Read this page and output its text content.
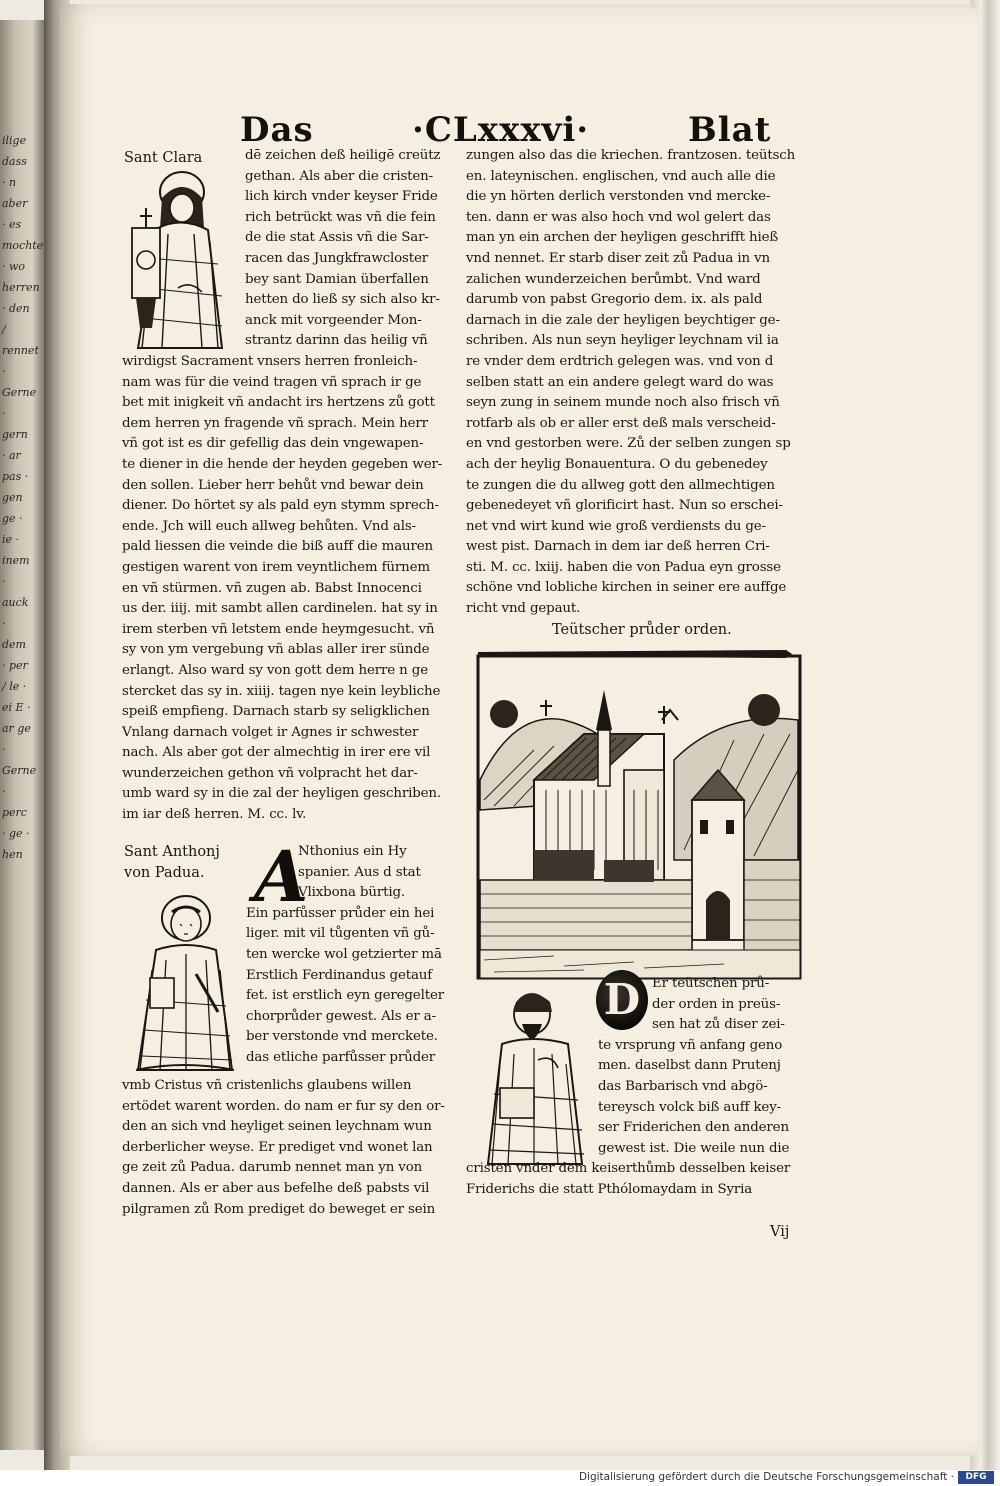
ilige dass · n aber · es mochte · wo herren · den / rennet · Gerne · gern · ar pas · gen ge · ie · inem · auck · dem · per / le · ei E · ar ge · Gerne · perc · ge · hen
Das	·CLxxxvi·	Blat
Sant Clara	dē zeichen deß heiligē creütz
gethan. Als aber die cristen-
lich kirch vnder keyser Fride
rich betrückt was vñ die fein
de die stat Assis vñ die Sar-
racen das Jungkfrawcloster
bey sant Damian überfallen
hetten do ließ sy sich also kr-
anck mit vorgeender Mon-
strantz darinn das heilig vñ
wirdigst Sacrament vnsers herren fronleich-
nam was für die veind tragen vñ sprach ir ge
bet mit inigkeit vñ andacht irs hertzens zů gott
dem herren yn fragende vñ sprach. Mein herr
vñ got ist es dir gefellig das dein vngewapen-
te diener in die hende der heyden gegeben wer-
den sollen. Lieber herr behůt vnd bewar dein
diener. Do hörtet sy als pald eyn stymm sprech-
ende. Jch will euch allweg behůten. Vnd als-
pald liessen die veinde die biß auff die mauren
gestigen warent von irem veyntlichem fürnem
en vñ stürmen. vñ zugen ab. Babst Innocenci
us der. iiij. mit sambt allen cardinelen. hat sy in
irem sterben vñ letstem ende heymgesucht. vñ
sy von ym vergebung vñ ablas aller irer sünde
erlangt. Also ward sy von gott dem herre n ge
stercket das sy in. xiiij. tagen nye kein leybliche
speiß empfieng. Darnach starb sy seligklichen
Vnlang darnach volget ir Agnes ir schwester
nach. Als aber got der almechtig in irer ere vil
wunderzeichen gethon vñ volpracht het dar-
umb ward sy in die zal der heyligen geschriben.
im iar deß herren. M. cc. lv.
Sant Anthonj
von Padua. A
Nthonius ein Hy
spanier. Aus d stat
Vlixbona bürtig.
Ein parfůsser průder ein hei
liger. mit vil tůgenten vñ gů-
ten wercke wol getzierter mā
Erstlich Ferdinandus getauf
fet. ist erstlich eyn geregelter
chorprůder gewest. Als er a-
ber verstonde vnd merckete.
das etliche parfůsser průder
vmb Cristus vñ cristenlichs glaubens willen
ertödet warent worden. do nam er fur sy den or-
den an sich vnd heyliget seinen leychnam wun
derberlicher weyse. Er prediget vnd wonet lan
ge zeit zů Padua. darumb nennet man yn von
dannen. Als er aber aus befelhe deß pabsts vil
pilgramen zů Rom prediget do beweget er sein
zungen also das die kriechen. frantzosen. teütsch
en. lateynischen. englischen, vnd auch alle die
die yn hörten derlich verstonden vnd mercke-
ten. dann er was also hoch vnd wol gelert das
man yn ein archen der heyligen geschrifft hieß
vnd nennet. Er starb diser zeit zů Padua in vn
zalichen wunderzeichen berůmbt. Vnd ward
darumb von pabst Gregorio dem. ix. als pald
darnach in die zale der heyligen beychtiger ge-
schriben. Als nun seyn heyliger leychnam vil ia
re vnder dem erdtrich gelegen was. vnd von d
selben statt an ein andere gelegt ward do was
seyn zung in seinem munde noch also frisch vñ
rotfarb als ob er aller erst deß mals verscheid-
en vnd gestorben were. Zů der selben zungen sp
ach der heylig Bonauentura. O du gebenedey
te zungen die du allweg gott den allmechtigen
gebenedeyet vñ glorificirt hast. Nun so erschei-
net vnd wirt kund wie groß verdiensts du ge-
west pist. Darnach in dem iar deß herren Cri-
sti. M. cc. lxiij. haben die von Padua eyn grosse
schöne vnd lobliche kirchen in seiner ere auffge
richt vnd gepaut.
Teütscher průder orden.
D Er teütschen prů-
der orden in preüs-
sen hat zů diser zei-
te vrsprung vñ anfang geno
men. daselbst dann Prutenj
das Barbarisch vnd abgö-
tereysch volck biß auff key-
ser Friderichen den anderen
gewest ist. Die weile nun die
cristen vnder dem keiserthůmb desselben keiser
Friderichs die statt Pthólomaydam in Syria
Vij
Digitalisierung gefördert durch die Deutsche Forschungsgemeinschaft ·	DFG
